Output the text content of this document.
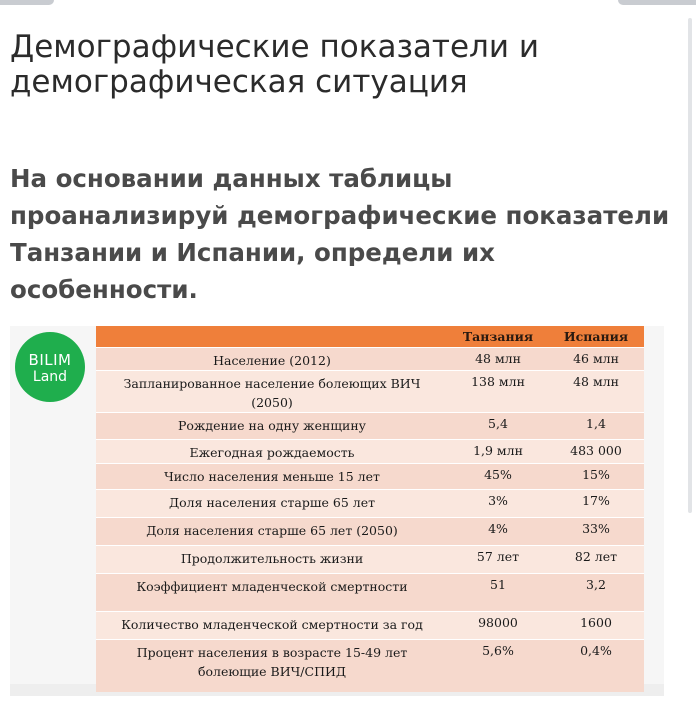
Демографические показатели и демографическая ситуация

На основании данных таблицы проанализируй демографические показатели Танзании и Испании, определи их особенности.

BILIM
Land
	Танзания	Испания
Население (2012)	48 млн	46 млн
Запланированное население болеющих ВИЧ (2050)	138 млн	48 млн
Рождение на одну женщину	5,4	1,4
Ежегодная рождаемость	1,9 млн	483 000
Число населения меньше 15 лет	45%	15%
Доля населения старше 65 лет	3%	17%
Доля населения старше 65 лет (2050)	4%	33%
Продолжительность жизни	57 лет	82 лет
Коэффициент младенческой смертности	51	3,2
Количество младенческой смертности за год	98000	1600
Процент населения в возрасте 15-49 лет болеющие ВИЧ/СПИД	5,6%	0,4%
